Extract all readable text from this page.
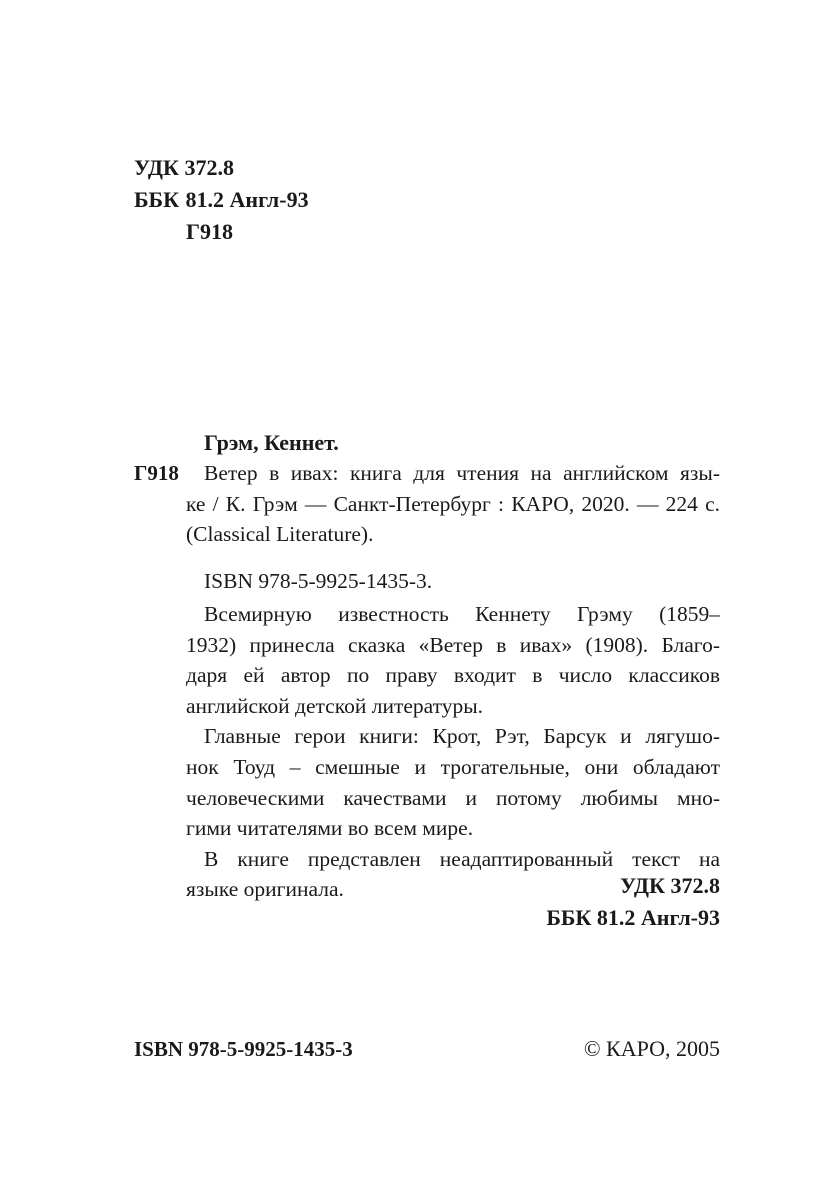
УДК 372.8
ББК 81.2 Англ-93
Г918
Грэм, Кеннет.
Г918	Ветер в ивах: книга для чтения на английском язы-

ке / К. Грэм — Санкт-Петербург : КАРО, 2020. — 224 с.

(Classical Literature).

ISBN 978-5-9925-1435-3.

Всемирную известность Кеннету Грэму (1859–

1932) принесла сказка «Ветер в ивах» (1908). Благо-

даря ей автор по праву входит в число классиков

английской детской литературы.

Главные герои книги: Крот, Рэт, Барсук и лягушо-

нок Тоуд – смешные и трогательные, они обладают

человеческими качествами и потому любимы мно-

гими читателями во всем мире.

В книге представлен неадаптированный текст на

языке оригинала.	УДК 372.8
ББК 81.2 Англ-93
ISBN 978-5-9925-1435-3	© КАРО, 2005
